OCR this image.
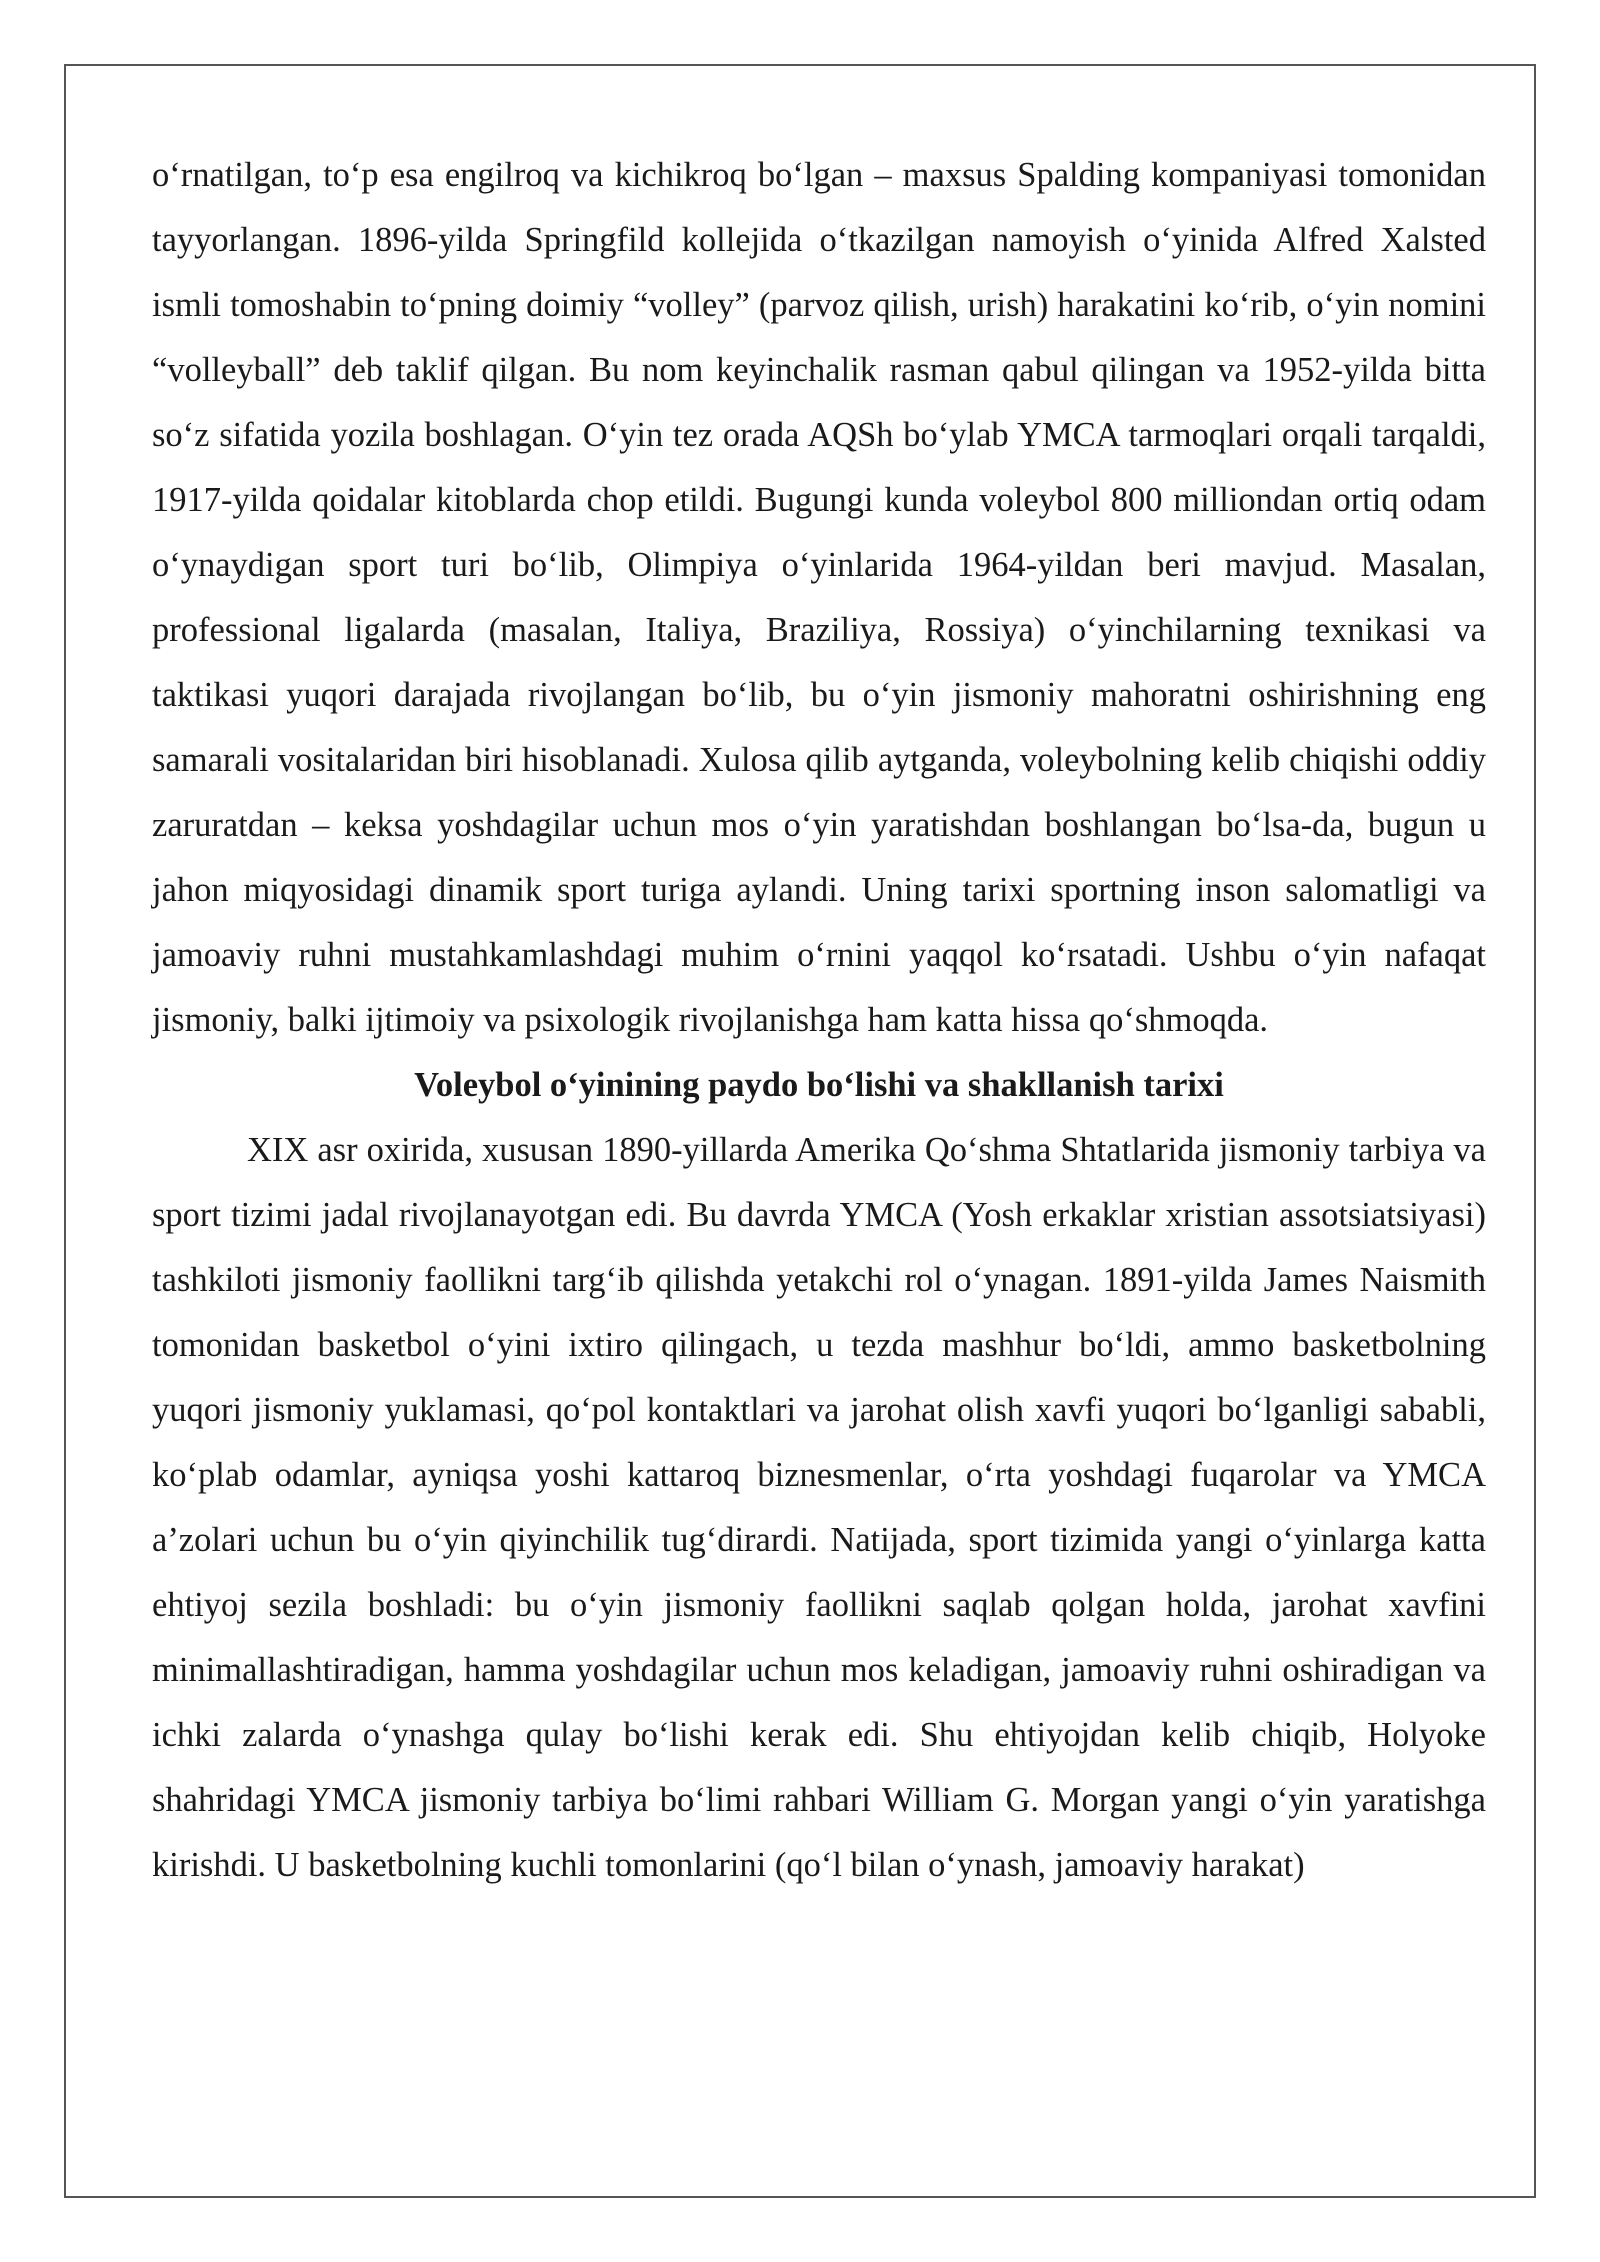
o‘rnatilgan, to‘p esa engilroq va kichikroq bo‘lgan – maxsus Spalding kompaniyasi tomonidan tayyorlangan. 1896-yilda Springfild kollejida o‘tkazilgan namoyish o‘yinida Alfred Xalsted ismli tomoshabin to‘pning doimiy “volley” (parvoz qilish, urish) harakatini ko‘rib, o‘yin nomini “volleyball” deb taklif qilgan. Bu nom keyinchalik rasman qabul qilingan va 1952-yilda bitta so‘z sifatida yozila boshlagan. O‘yin tez orada AQSh bo‘ylab YMCA tarmoqlari orqali tarqaldi, 1917-yilda qoidalar kitoblarda chop etildi. Bugungi kunda voleybol 800 milliondan ortiq odam o‘ynaydigan sport turi bo‘lib, Olimpiya o‘yinlarida 1964-yildan beri mavjud. Masalan, professional ligalarda (masalan, Italiya, Braziliya, Rossiya) o‘yinchilarning texnikasi va taktikasi yuqori darajada rivojlangan bo‘lib, bu o‘yin jismoniy mahoratni oshirishning eng samarali vositalaridan biri hisoblanadi. Xulosa qilib aytganda, voleybolning kelib chiqishi oddiy zaruratdan – keksa yoshdagilar uchun mos o‘yin yaratishdan boshlangan bo‘lsa-da, bugun u jahon miqyosidagi dinamik sport turiga aylandi. Uning tarixi sportning inson salomatligi va jamoaviy ruhni mustahkamlashdagi muhim o‘rnini yaqqol ko‘rsatadi. Ushbu o‘yin nafaqat jismoniy, balki ijtimoiy va psixologik rivojlanishga ham katta hissa qo‘shmoqda.

Voleybol o‘yinining paydo bo‘lishi va shakllanish tarixi

XIX asr oxirida, xususan 1890-yillarda Amerika Qo‘shma Shtatlarida jismoniy tarbiya va sport tizimi jadal rivojlanayotgan edi. Bu davrda YMCA (Yosh erkaklar xristian assotsiatsiyasi) tashkiloti jismoniy faollikni targ‘ib qilishda yetakchi rol o‘ynagan. 1891-yilda James Naismith tomonidan basketbol o‘yini ixtiro qilingach, u tezda mashhur bo‘ldi, ammo basketbolning yuqori jismoniy yuklamasi, qo‘pol kontaktlari va jarohat olish xavfi yuqori bo‘lganligi sababli, ko‘plab odamlar, ayniqsa yoshi kattaroq biznesmenlar, o‘rta yoshdagi fuqarolar va YMCA a’zolari uchun bu o‘yin qiyinchilik tug‘dirardi. Natijada, sport tizimida yangi o‘yinlarga katta ehtiyoj sezila boshladi: bu o‘yin jismoniy faollikni saqlab qolgan holda, jarohat xavfini minimallashtiradigan, hamma yoshdagilar uchun mos keladigan, jamoaviy ruhni oshiradigan va ichki zalarda o‘ynashga qulay bo‘lishi kerak edi. Shu ehtiyojdan kelib chiqib, Holyoke shahridagi YMCA jismoniy tarbiya bo‘limi rahbari William G. Morgan yangi o‘yin yaratishga kirishdi. U basketbolning kuchli tomonlarini (qo‘l bilan o‘ynash, jamoaviy harakat)
